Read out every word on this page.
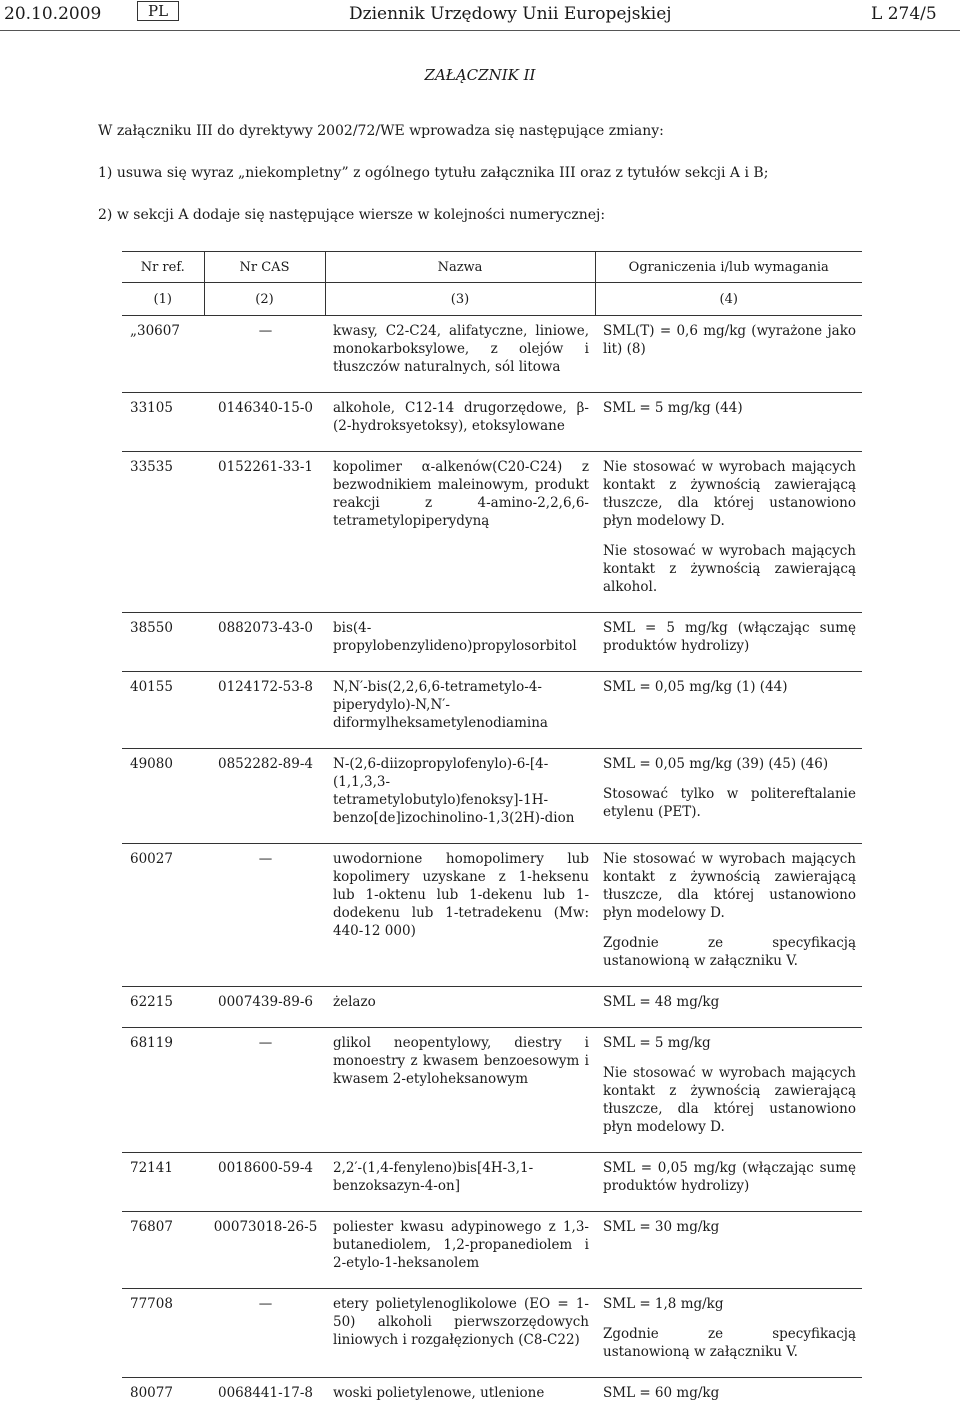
20.10.2009	PL	Dziennik Urzędowy Unii Europejskiej	L 274/5
ZAŁĄCZNIK II
W załączniku III do dyrektywy 2002/72/WE wprowadza się następujące zmiany:
1) usuwa się wyraz „niekompletny” z ogólnego tytułu załącznika III oraz z tytułów sekcji A i B;
2) w sekcji A dodaje się następujące wiersze w kolejności numerycznej:
Nr ref.	Nr CAS	Nazwa	Ograniczenia i/lub wymagania
(1)	(2)	(3)	(4)
„30607	—	kwasy, C2-C24, alifatyczne, liniowe, monokarboksylowe, z olejów i tłuszczów naturalnych, sól litowa	SML(T) = 0,6 mg/kg (wyrażone jako lit) (8)

33105	0146340-15-0	alkohole, C12-14 drugorzędowe, β-(2-hydroksyetoksy), etoksylowane	SML = 5 mg/kg (44)

33535	0152261-33-1	kopolimer α-alkenów(C20-C24) z bezwodnikiem maleinowym, produkt reakcji z 4-amino-2,2,6,6-tetrametylopiperydyną	Nie stosować w wyrobach mających kontakt z żywnością zawierającą tłuszcze, dla której ustanowiono płyn modelowy D.

Nie stosować w wyrobach mających kontakt z żywnością zawierającą alkohol.

38550	0882073-43-0	bis(4-propylobenzylideno)propylosorbitol	SML = 5 mg/kg (włączając sumę produktów hydrolizy)

40155	0124172-53-8	N,N′-bis(2,2,6,6-tetrametylo-4-piperydylo)-N,N′-diformylheksametylenodiamina	SML = 0,05 mg/kg (1) (44)

49080	0852282-89-4	N-(2,6-diizopropylofenylo)-6-[4-(1,1,3,3-tetrametylobutylo)fenoksy]-1H-benzo[de]izochinolino-1,3(2H)-dion	SML = 0,05 mg/kg (39) (45) (46)

Stosować tylko w politereftalanie etylenu (PET).

60027	—	uwodornione homopolimery lub kopolimery uzyskane z 1-heksenu lub 1-oktenu lub 1-dekenu lub 1-dodekenu lub 1-tetradekenu (Mw: 440-12 000)	Nie stosować w wyrobach mających kontakt z żywnością zawierającą tłuszcze, dla której ustanowiono płyn modelowy D.

Zgodnie ze specyfikacją ustanowioną w załączniku V.

62215	0007439-89-6	żelazo	SML = 48 mg/kg

68119	—	glikol neopentylowy, diestry i monoestry z kwasem benzoesowym i kwasem 2-etyloheksanowym	SML = 5 mg/kg

Nie stosować w wyrobach mających kontakt z żywnością zawierającą tłuszcze, dla której ustanowiono płyn modelowy D.

72141	0018600-59-4	2,2′-(1,4-fenyleno)bis[4H-3,1-benzoksazyn-4-on]	SML = 0,05 mg/kg (włączając sumę produktów hydrolizy)

76807	00073018-26-5	poliester kwasu adypinowego z 1,3-butanediolem, 1,2-propanediolem i 2-etylo-1-heksanolem	SML = 30 mg/kg

77708	—	etery polietylenoglikolowe (EO = 1-50) alkoholi pierwszorzędowych liniowych i rozgałęzionych (C8-C22)	SML = 1,8 mg/kg

Zgodnie ze specyfikacją ustanowioną w załączniku V.

80077	0068441-17-8	woski polietylenowe, utlenione	SML = 60 mg/kg
